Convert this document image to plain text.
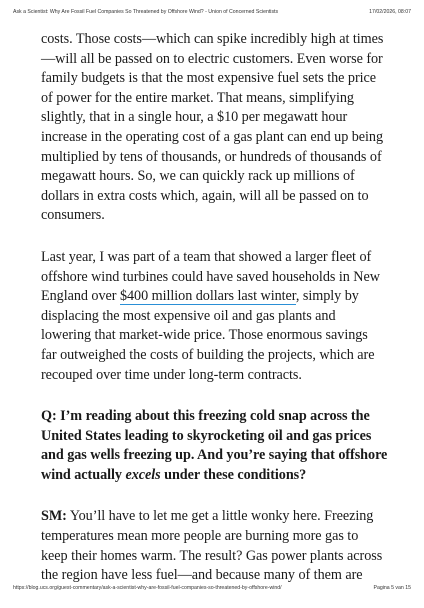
Ask a Scientist: Why Are Fossil Fuel Companies So Threatened by Offshore Wind? - Union of Concerned Scientists	17/02/2026, 08:07

costs. Those costs—which can spike incredibly high at times
—will all be passed on to electric customers. Even worse for
family budgets is that the most expensive fuel sets the price
of power for the entire market. That means, simplifying
slightly, that in a single hour, a $10 per megawatt hour
increase in the operating cost of a gas plant can end up being
multiplied by tens of thousands, or hundreds of thousands of
megawatt hours. So, we can quickly rack up millions of
dollars in extra costs which, again, will all be passed on to
consumers.

Last year, I was part of a team that showed a larger fleet of
offshore wind turbines could have saved households in New
England over $400 million dollars last winter, simply by
displacing the most expensive oil and gas plants and
lowering that market-wide price. Those enormous savings
far outweighed the costs of building the projects, which are
recouped over time under long-term contracts.

Q: I’m reading about this freezing cold snap across the
United States leading to skyrocketing oil and gas prices
and gas wells freezing up. And you’re saying that offshore
wind actually excels under these conditions?

SM: You’ll have to let me get a little wonky here. Freezing
temperatures mean more people are burning more gas to
keep their homes warm. The result? Gas power plants across
the region have less fuel—and because many of them are

https://blog.ucs.org/guest-commentary/ask-a-scientist-why-are-fossil-fuel-companies-so-threatened-by-offshore-wind/	Pagina 5 van 15
